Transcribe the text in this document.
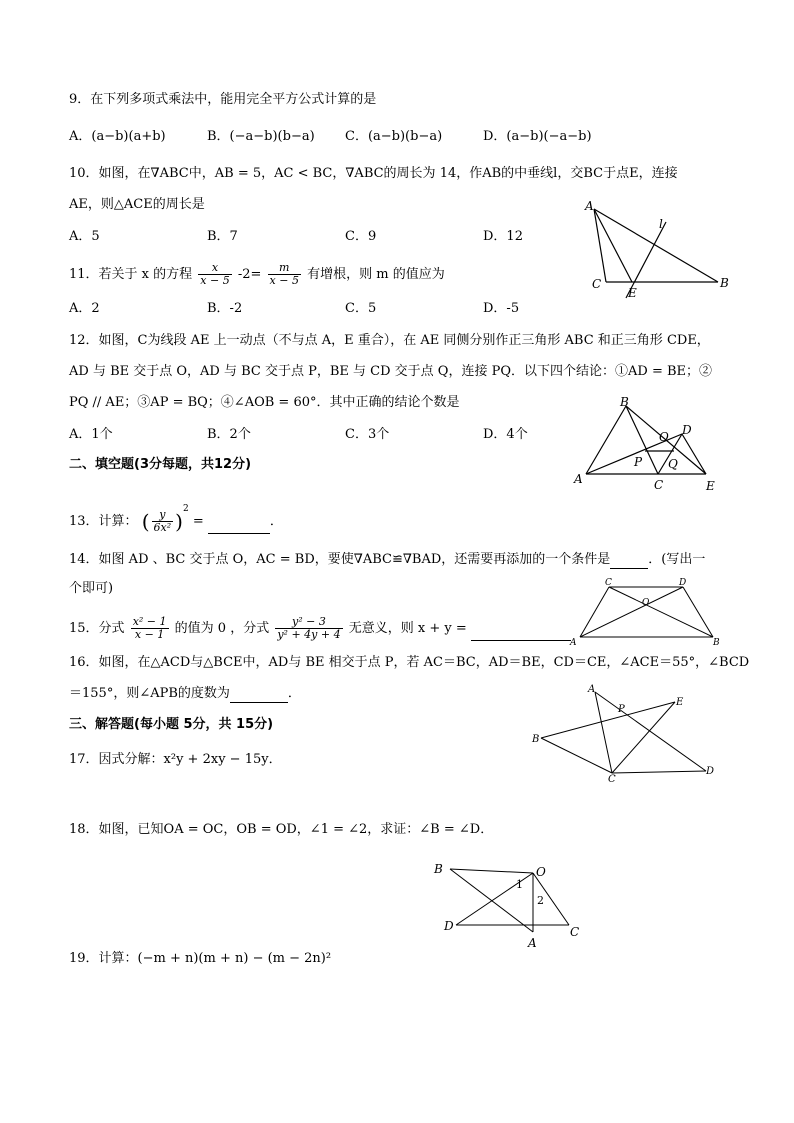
9．在下列多项式乘法中，能用完全平方公式计算的是
A．(a−b)(a+b)	B．(−a−b)(b−a) C．(a−b)(b−a)	D．(a−b)(−a−b)
10．如图，在∇ABC中，AB = 5，AC < BC，∇ABC的周长为 14，作AB的中垂线l，交BC于点E，连接
AE，则△ACE的周长是
A．5	B．7	C．9	D．12
A
C
E
B
l
11．若关于 x 的方程 $\frac{x}{x - 5} -2= \frac{m}{x - 5}$ 有增根，则 m 的值应为
A．2	B．-2	C．5	D．-5
12．如图，C为线段 AE 上一动点（不与点 A，E 重合），在 AE 同侧分别作正三角形 ABC 和正三角形 CDE，
AD 与 BE 交于点 O，AD 与 BC 交于点 P，BE 与 CD 交于点 Q，连接 PQ．以下四个结论：①AD = BE；②
PQ // AE；③AP = BQ；④∠AOB = 60°．其中正确的结论个数是
A．1个	B．2个	C．3个	D．4个
B
A	C	E
D
O
P Q
二、填空题(3分每题，共12分)
13．计算： ( $\frac{y}{\text{6x²}} )^2$ =	．
14．如图 AD 、BC 交于点 O，AC = BD，要使∇ABC≌∇BAD，还需要再添加的一个条件是	．(写出一
个即可)	C	D
O
A	B
15．分式 $\frac{\text{x² − 1}}{x - 1}$ 的值为 0 ，分式 $\frac{\text{y² − 3}}{\text{y² + 4y + 4}}$ 无意义，则 x + y =
16．如图，在△ACD与△BCE中，AD与 BE 相交于点 P，若 AC＝BC，AD＝BE，CD＝CE，∠ACE＝55°，∠BCD
＝155°，则∠APB的度数为	．
三、解答题(每小题 5分，共 15分)
A
P
E
B
C
D
17．因式分解：x²y + 2xy − 15y．
18．如图，已知OA = OC，OB = OD，∠1 = ∠2，求证：∠B = ∠D．
B	O
1
2
D
A
C
19．计算：(−m + n)(m + n) − (m − 2n)²
